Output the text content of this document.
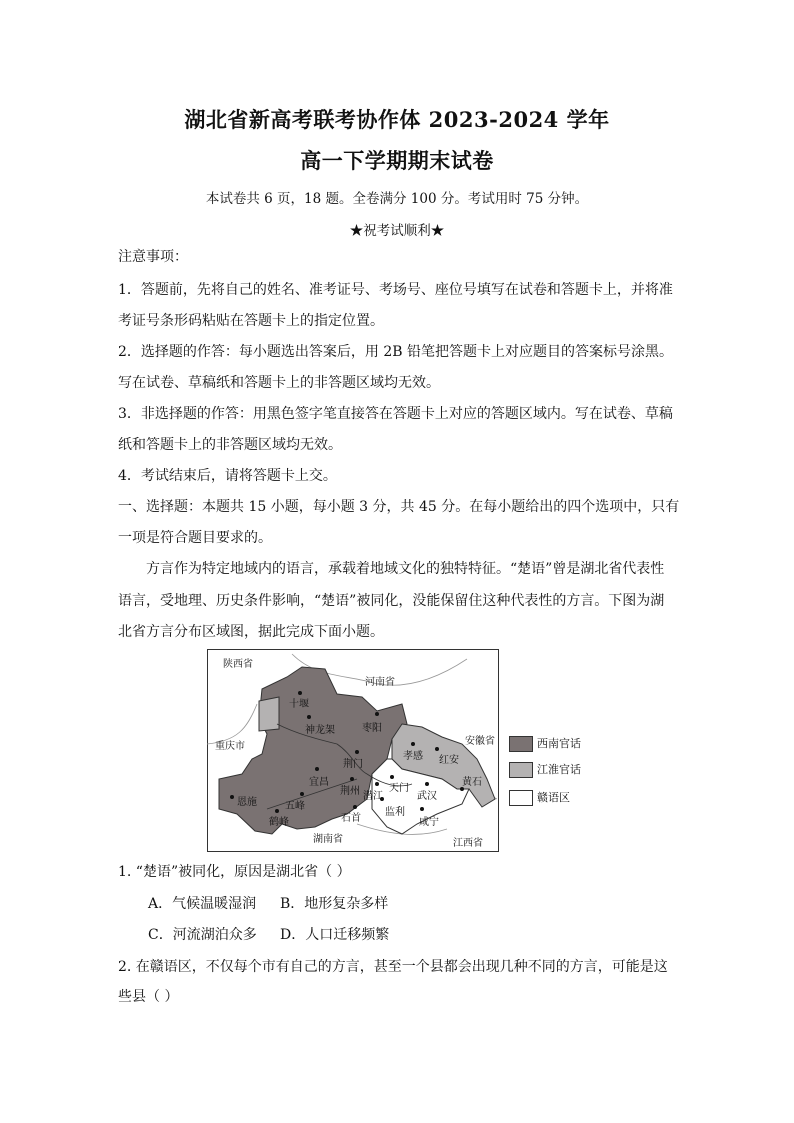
湖北省新高考联考协作体 2023-2024 学年
高一下学期期末试卷
本试卷共 6 页，18 题。全卷满分 100 分。考试用时 75 分钟。
★祝考试顺利★
注意事项：
1．答题前，先将自己的姓名、准考证号、考场号、座位号填写在试卷和答题卡上，并将准
考证号条形码粘贴在答题卡上的指定位置。
2．选择题的作答：每小题选出答案后，用 2B 铅笔把答题卡上对应题目的答案标号涂黑。
写在试卷、草稿纸和答题卡上的非答题区域均无效。
3．非选择题的作答：用黑色签字笔直接答在答题卡上对应的答题区域内。写在试卷、草稿
纸和答题卡上的非答题区域均无效。
4．考试结束后，请将答题卡上交。
一、选择题：本题共 15 小题，每小题 3 分，共 45 分。在每小题给出的四个选项中，只有
一项是符合题目要求的。
方言作为特定地域内的语言，承载着地域文化的独特特征。“楚语”曾是湖北省代表性
语言，受地理、历史条件影响，“楚语”被同化，没能保留住这种代表性的方言。下图为湖
北省方言分布区域图，据此完成下面小题。
陕西省
河南省
重庆市	安徽省
湖南省	江西省
十堰
神龙架	枣阳
荆门
宜昌
孝感 红安
黄石
天门
武汉
荆州 潜江
五峰
恩施
鹤峰	石首
监利
咸宁
西南官话
江淮官话
赣语区
1. “楚语”被同化，原因是湖北省（ ）
A．气候温暖湿润 B．地形复杂多样
C．河流湖泊众多 D．人口迁移频繁
2. 在赣语区，不仅每个市有自己的方言，甚至一个县都会出现几种不同的方言，可能是这
些县（ ）
